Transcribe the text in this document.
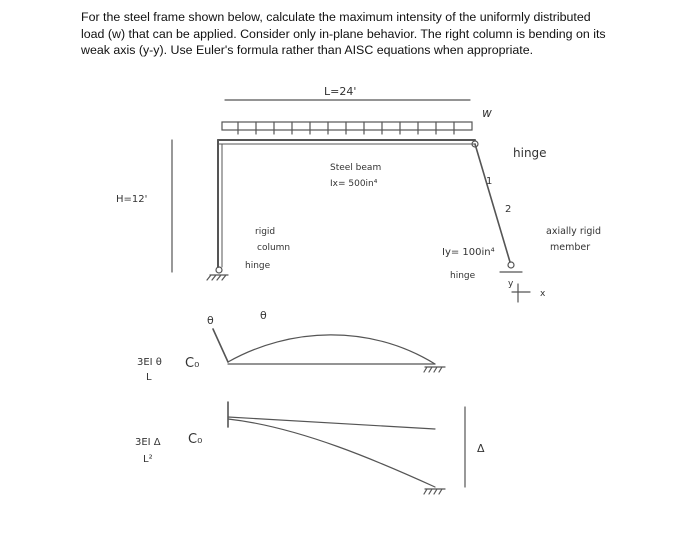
For the steel frame shown below, calculate the maximum intensity of the uniformly distributed

load (w) that can be applied. Consider only in-plane behavior. The right column is bending on its

weak axis (y-y). Use Euler's formula rather than AISC equations when appropriate.

L=24'
H=12'
w
hinge
Steel beam
Ix= 500in⁴	1
2
rigid
column
hinge
Iy= 100in⁴
hinge
axially rigid
member
y
x
θ	θ
3EI θ
L
C₀
3EI Δ
L²
C₀
Δ
